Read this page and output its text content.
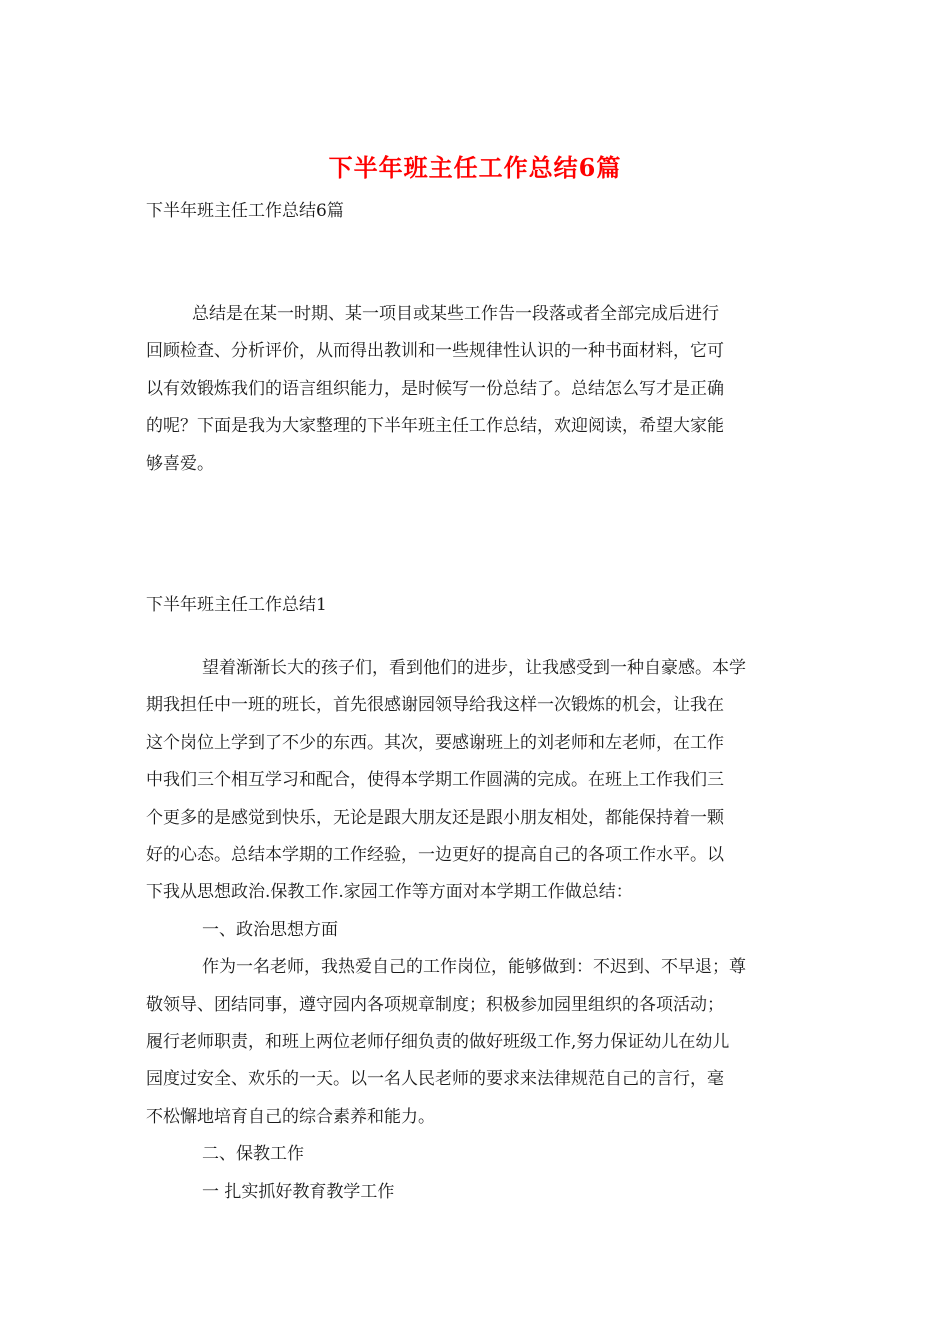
下半年班主任工作总结6篇
下半年班主任工作总结6篇
总结是在某一时期、某一项目或某些工作告一段落或者全部完成后进行
回顾检查、分析评价，从而得出教训和一些规律性认识的一种书面材料，它可
以有效锻炼我们的语言组织能力，是时候写一份总结了。总结怎么写才是正确
的呢？下面是我为大家整理的下半年班主任工作总结，欢迎阅读，希望大家能
够喜爱。
下半年班主任工作总结1
望着渐渐长大的孩子们，看到他们的进步，让我感受到一种自豪感。本学
期我担任中一班的班长，首先很感谢园领导给我这样一次锻炼的机会，让我在
这个岗位上学到了不少的东西。其次，要感谢班上的刘老师和左老师，在工作
中我们三个相互学习和配合，使得本学期工作圆满的完成。在班上工作我们三
个更多的是感觉到快乐，无论是跟大朋友还是跟小朋友相处，都能保持着一颗
好的心态。总结本学期的工作经验，一边更好的提高自己的各项工作水平。以
下我从思想政治.保教工作.家园工作等方面对本学期工作做总结：
一、政治思想方面
作为一名老师，我热爱自己的工作岗位，能够做到：不迟到、不早退；尊
敬领导、团结同事，遵守园内各项规章制度；积极参加园里组织的各项活动；
履行老师职责，和班上两位老师仔细负责的做好班级工作,努力保证幼儿在幼儿
园度过安全、欢乐的一天。以一名人民老师的要求来法律规范自己的言行，毫
不松懈地培育自己的综合素养和能力。
二、保教工作
一 扎实抓好教育教学工作
